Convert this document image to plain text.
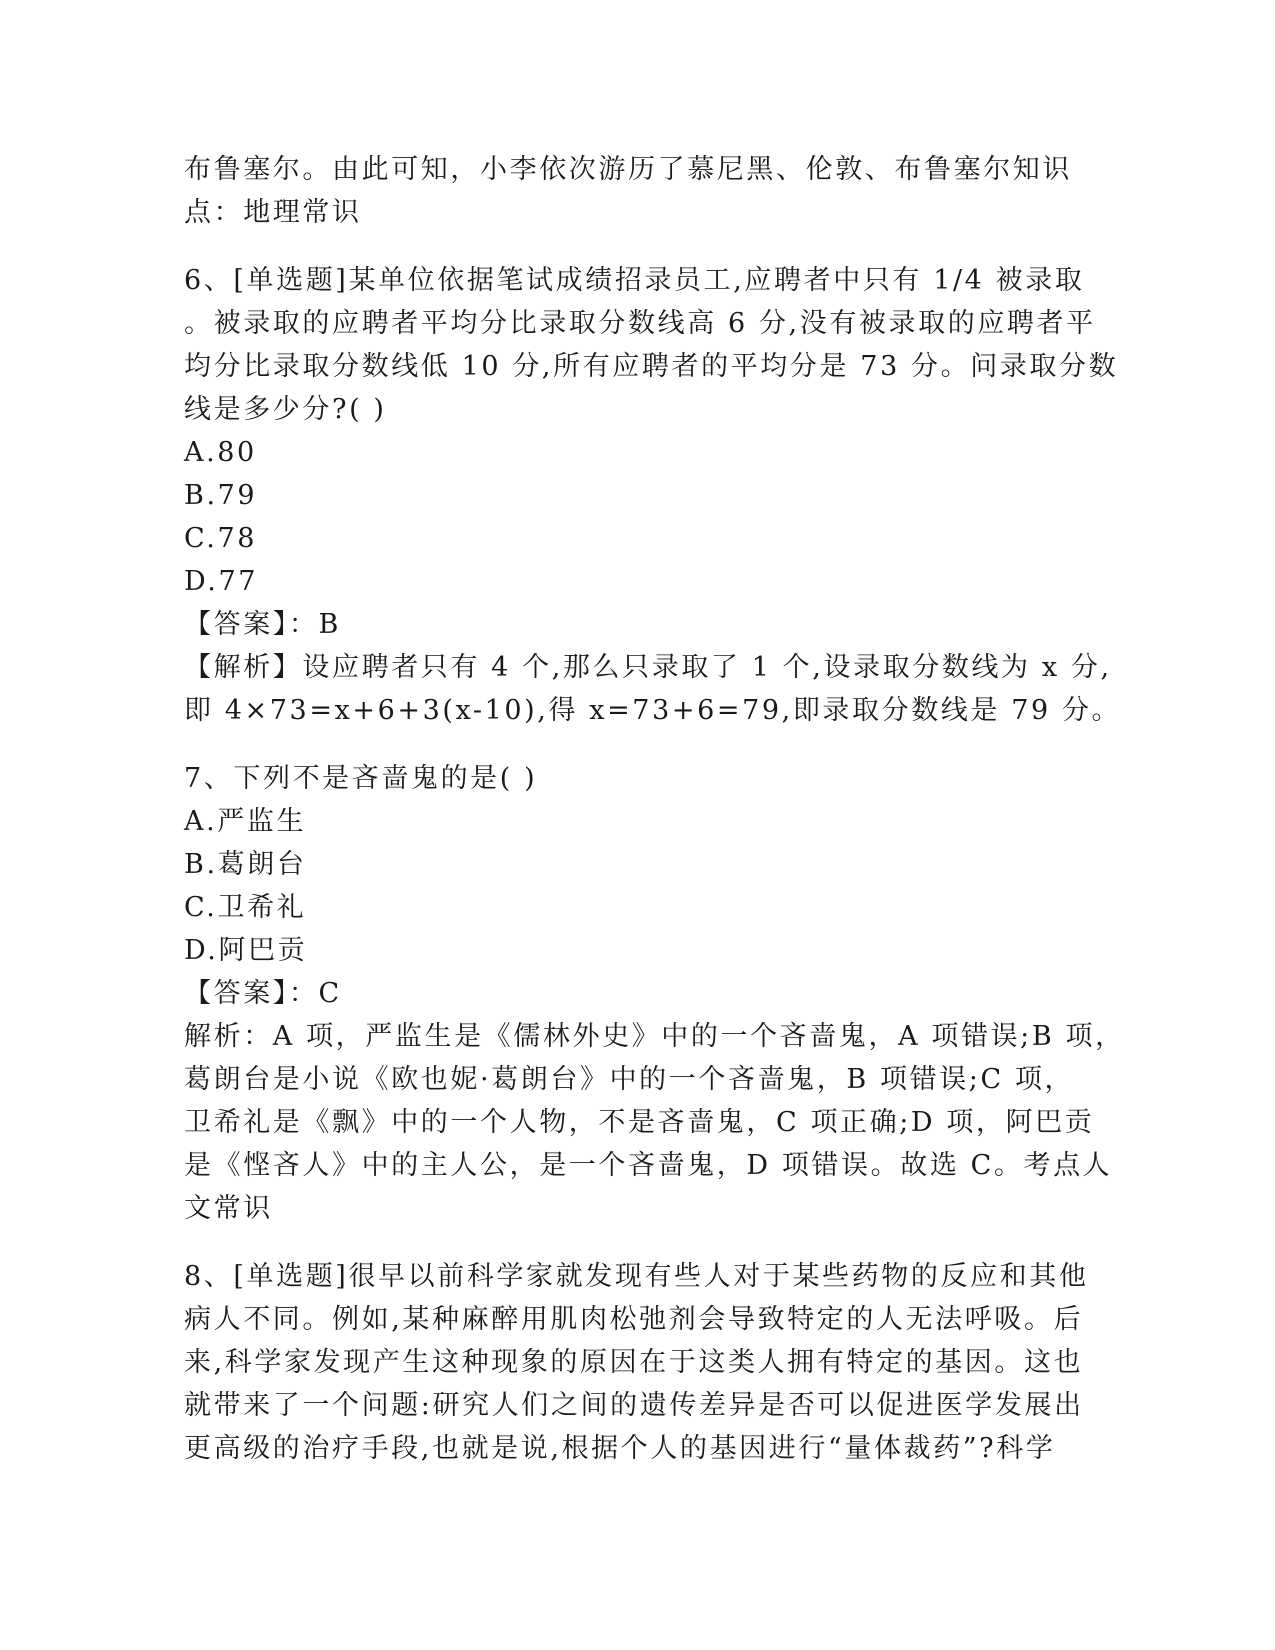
布鲁塞尔。由此可知，小李依次游历了慕尼黑、伦敦、布鲁塞尔知识
点：地理常识
6、[单选题]某单位依据笔试成绩招录员工,应聘者中只有 1/4 被录取
。被录取的应聘者平均分比录取分数线高 6 分,没有被录取的应聘者平
均分比录取分数线低 10 分,所有应聘者的平均分是 73 分。问录取分数
线是多少分?( )
A.80
B.79
C.78
D.77
【答案】：B
【解析】设应聘者只有 4 个,那么只录取了 1 个,设录取分数线为 x 分,
即 4×73=x+6+3(x-10),得 x=73+6=79,即录取分数线是 79 分。
7、下列不是吝啬鬼的是( )
A.严监生
B.葛朗台
C.卫希礼
D.阿巴贡
【答案】：C
解析：A 项，严监生是《儒林外史》中的一个吝啬鬼，A 项错误;B 项，
葛朗台是小说《欧也妮·葛朗台》中的一个吝啬鬼，B 项错误;C 项，
卫希礼是《飘》中的一个人物，不是吝啬鬼，C 项正确;D 项，阿巴贡
是《悭吝人》中的主人公，是一个吝啬鬼，D 项错误。故选 C。考点人
文常识
8、[单选题]很早以前科学家就发现有些人对于某些药物的反应和其他
病人不同。例如,某种麻醉用肌肉松弛剂会导致特定的人无法呼吸。后
来,科学家发现产生这种现象的原因在于这类人拥有特定的基因。这也
就带来了一个问题:研究人们之间的遗传差异是否可以促进医学发展出
更高级的治疗手段,也就是说,根据个人的基因进行“量体裁药”?科学
